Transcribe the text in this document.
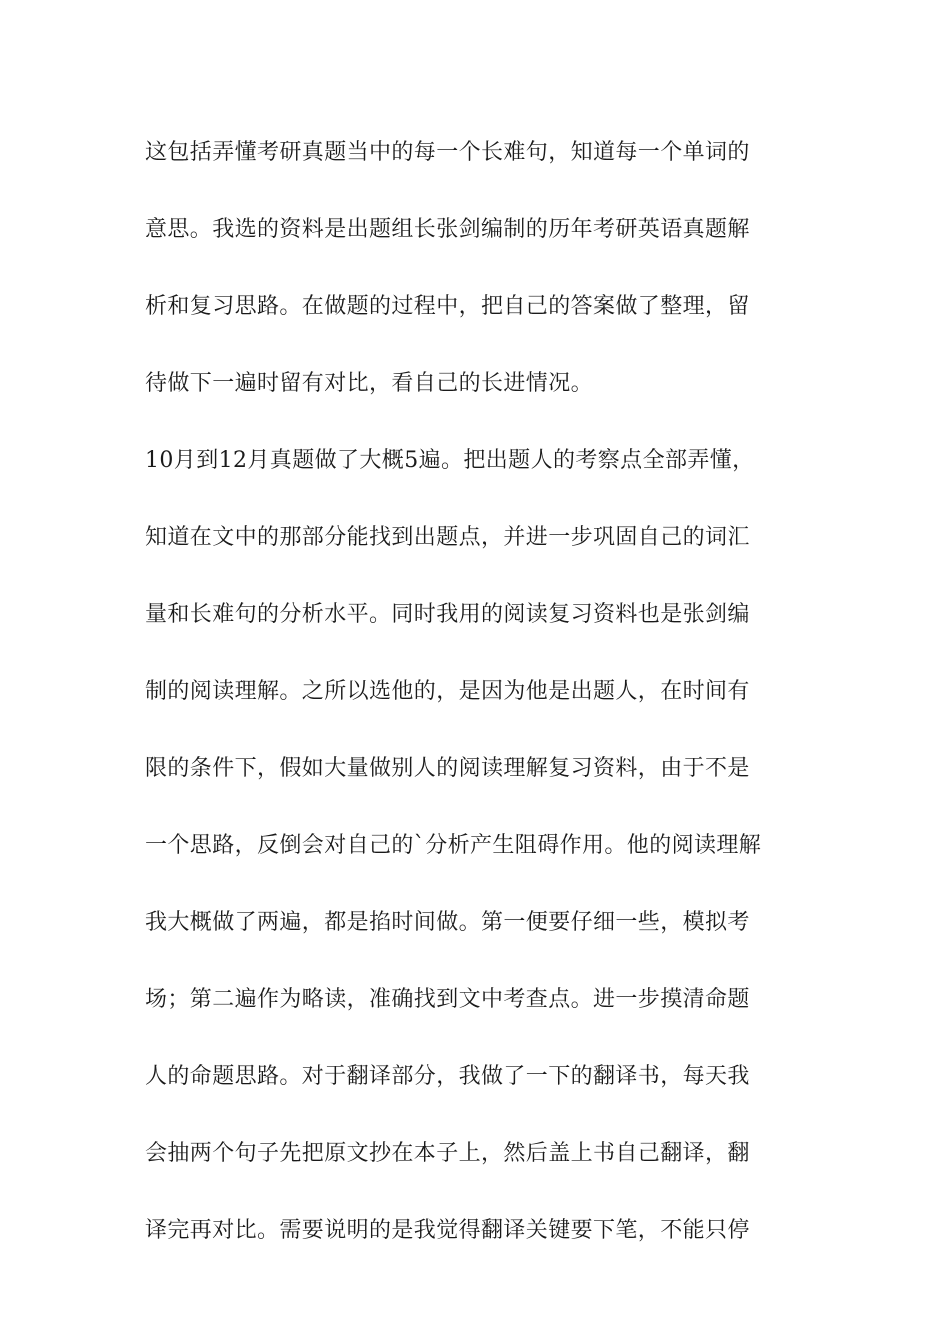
这包括弄懂考研真题当中的每一个长难句，知道每一个单词的
意思。我选的资料是出题组长张剑编制的历年考研英语真题解
析和复习思路。在做题的过程中，把自己的答案做了整理，留
待做下一遍时留有对比，看自己的长进情况。
10月到12月真题做了大概5遍。把出题人的考察点全部弄懂，
知道在文中的那部分能找到出题点，并进一步巩固自己的词汇
量和长难句的分析水平。同时我用的阅读复习资料也是张剑编
制的阅读理解。之所以选他的，是因为他是出题人，在时间有
限的条件下，假如大量做别人的阅读理解复习资料，由于不是
一个思路，反倒会对自己的`分析产生阻碍作用。他的阅读理解
我大概做了两遍，都是掐时间做。第一便要仔细一些，模拟考
场；第二遍作为略读，准确找到文中考查点。进一步摸清命题
人的命题思路。对于翻译部分，我做了一下的翻译书，每天我
会抽两个句子先把原文抄在本子上，然后盖上书自己翻译，翻
译完再对比。需要说明的是我觉得翻译关键要下笔，不能只停
